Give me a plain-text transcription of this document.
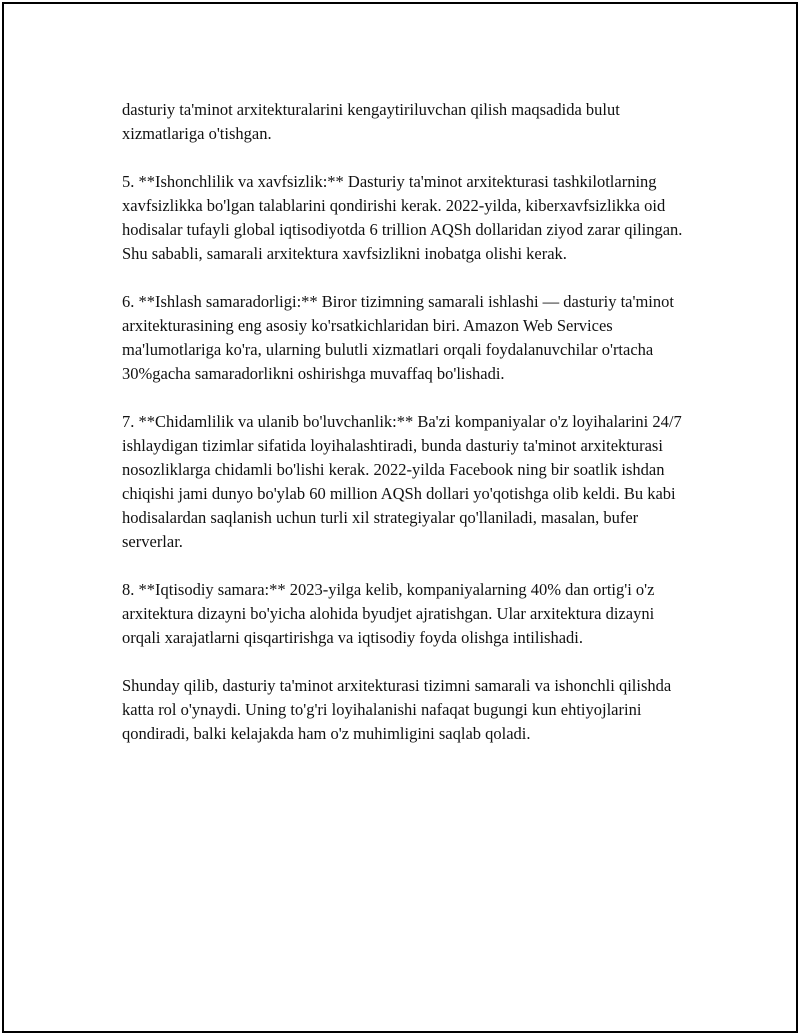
dasturiy ta'minot arxitekturalarini kengaytiriluvchan qilish maqsadida bulut xizmatlariga o'tishgan.

5. **Ishonchlilik va xavfsizlik:** Dasturiy ta'minot arxitekturasi tashkilotlarning xavfsizlikka bo'lgan talablarini qondirishi kerak. 2022-yilda, kiberxavfsizlikka oid hodisalar tufayli global iqtisodiyotda 6 trillion AQSh dollaridan ziyod zarar qilingan. Shu sababli, samarali arxitektura xavfsizlikni inobatga olishi kerak.

6. **Ishlash samaradorligi:** Biror tizimning samarali ishlashi — dasturiy ta'minot arxitekturasining eng asosiy ko'rsatkichlaridan biri. Amazon Web Services ma'lumotlariga ko'ra, ularning bulutli xizmatlari orqali foydalanuvchilar o'rtacha 30%gacha samaradorlikni oshirishga muvaffaq bo'lishadi.

7. **Chidamlilik va ulanib bo'luvchanlik:** Ba'zi kompaniyalar o'z loyihalarini 24/7 ishlaydigan tizimlar sifatida loyihalashtiradi, bunda dasturiy ta'minot arxitekturasi nosozliklarga chidamli bo'lishi kerak. 2022-yilda Facebook ning bir soatlik ishdan chiqishi jami dunyo bo'ylab 60 million AQSh dollari yo'qotishga olib keldi. Bu kabi hodisalardan saqlanish uchun turli xil strategiyalar qo'llaniladi, masalan, bufer serverlar.

8. **Iqtisodiy samara:** 2023-yilga kelib, kompaniyalarning 40% dan ortig'i o'z arxitektura dizayni bo'yicha alohida byudjet ajratishgan. Ular arxitektura dizayni orqali xarajatlarni qisqartirishga va iqtisodiy foyda olishga intilishadi.

Shunday qilib, dasturiy ta'minot arxitekturasi tizimni samarali va ishonchli qilishda katta rol o'ynaydi. Uning to'g'ri loyihalanishi nafaqat bugungi kun ehtiyojlarini qondiradi, balki kelajakda ham o'z muhimligini saqlab qoladi.
